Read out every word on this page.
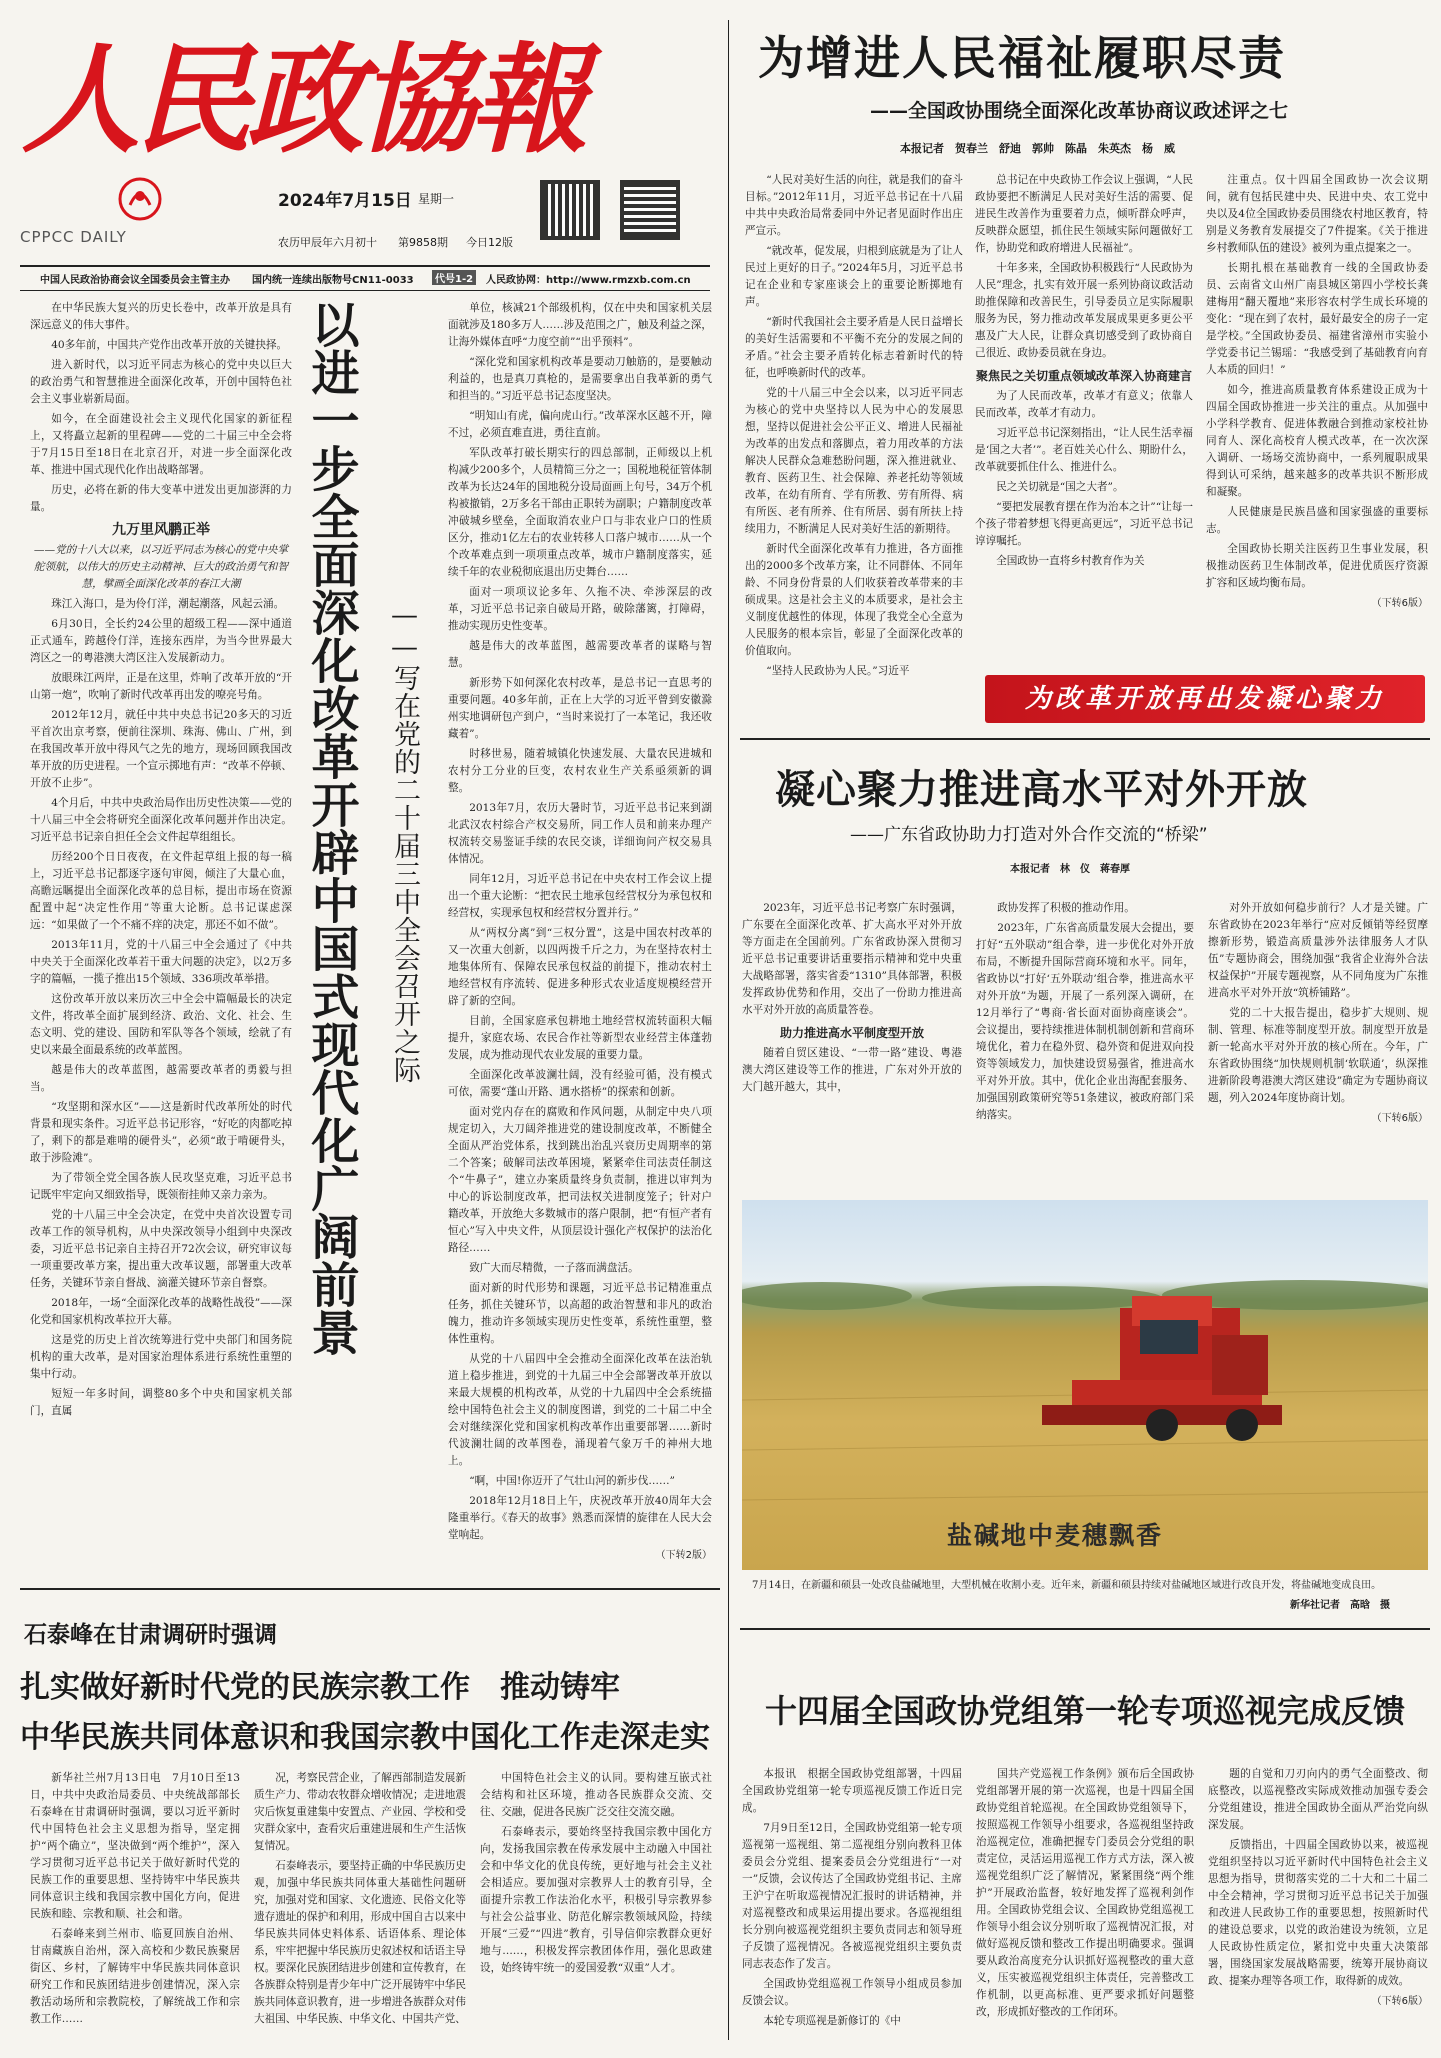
人民政協報
CPPCC DAILY
2024年7月15日 星期一
农历甲辰年六月初十 第9858期 今日12版
中国人民政治协商会议全国委员会主管主办 国内统一连续出版物号CN11-0033	代号1-2	人民政协网：http://www.rmzxb.com.cn
以进一步全面深化改革开辟中国式现代化广阔前景 ——写在党的二十届三中全会召开之际

在中华民族大复兴的历史长卷中，改革开放是具有深远意义的伟大事件。

40多年前，中国共产党作出改革开放的关键抉择。

进入新时代，以习近平同志为核心的党中央以巨大的政治勇气和智慧推进全面深化改革，开创中国特色社会主义事业崭新局面。

如今，在全面建设社会主义现代化国家的新征程上，又将矗立起新的里程碑——党的二十届三中全会将于7月15日至18日在北京召开，对进一步全面深化改革、推进中国式现代化作出战略部署。

历史，必将在新的伟大变革中迸发出更加澎湃的力量。

九万里风鹏正举

——党的十八大以来，以习近平同志为核心的党中央掌舵领航，以伟大的历史主动精神、巨大的政治勇气和智慧，擘画全面深化改革的春江大潮

珠江入海口，是为伶仃洋，潮起潮落，风起云涌。

6月30日，全长约24公里的超级工程——深中通道正式通车，跨越伶仃洋，连接东西岸，为当今世界最大湾区之一的粤港澳大湾区注入发展新动力。

放眼珠江两岸，正是在这里，炸响了改革开放的“开山第一炮”，吹响了新时代改革再出发的嘹亮号角。

2012年12月，就任中共中央总书记20多天的习近平首次出京考察，便前往深圳、珠海、佛山、广州，到在我国改革开放中得风气之先的地方，现场回顾我国改革开放的历史进程。一个宣示掷地有声：“改革不停顿、开放不止步”。

4个月后，中共中央政治局作出历史性决策——党的十八届三中全会将研究全面深化改革问题并作出决定。习近平总书记亲自担任全会文件起草组组长。

历经200个日日夜夜，在文件起草组上报的每一稿上，习近平总书记都逐字逐句审阅，倾注了大量心血，高瞻远瞩提出全面深化改革的总目标，提出市场在资源配置中起“决定性作用”等重大论断。总书记谋虑深远：“如果做了一个不痛不痒的决定，那还不如不做”。

2013年11月，党的十八届三中全会通过了《中共中央关于全面深化改革若干重大问题的决定》，以2万多字的篇幅，一揽子推出15个领域、336项改革举措。

这份改革开放以来历次三中全会中篇幅最长的决定文件，将改革全面扩展到经济、政治、文化、社会、生态文明、党的建设、国防和军队等各个领域，绘就了有史以来最全面最系统的改革蓝图。

越是伟大的改革蓝图，越需要改革者的勇毅与担当。

“攻坚期和深水区”——这是新时代改革所处的时代背景和现实条件。习近平总书记形容，“好吃的肉都吃掉了，剩下的都是难啃的硬骨头”，必须“敢于啃硬骨头，敢于涉险滩”。

为了带领全党全国各族人民攻坚克难，习近平总书记既牢牢定向又细致指导，既领衔挂帅又亲力亲为。

党的十八届三中全会决定，在党中央首次设置专司改革工作的领导机构，从中央深改领导小组到中央深改委，习近平总书记亲自主持召开72次会议，研究审议每一项重要改革方案，提出重大改革议题，部署重大改革任务，关键环节亲自督战、滴灌关键环节亲自督察。

2018年，一场“全面深化改革的战略性战役”——深化党和国家机构改革拉开大幕。

这是党的历史上首次统筹进行党中央部门和国务院机构的重大改革，是对国家治理体系进行系统性重塑的集中行动。

短短一年多时间，调整80多个中央和国家机关部门，直属

单位，核减21个部级机构，仅在中央和国家机关层面就涉及180多万人……涉及范围之广，触及利益之深，让海外媒体直呼“力度空前”“出乎预料”。

“深化党和国家机构改革是要动刀触筋的，是要触动利益的，也是真刀真枪的，是需要拿出自我革新的勇气和担当的。”习近平总书记态度坚决。

“明知山有虎，偏向虎山行。”改革深水区越不开，障不过，必须直难直进，勇往直前。

军队改革打破长期实行的四总部制，正师级以上机构减少200多个，人员精简三分之一；国税地税征管体制改革为长达24年的国地税分设局面画上句号，34万个机构被撤销，2万多名干部由正职转为副职；户籍制度改革冲破城乡壁垒，全面取消农业户口与非农业户口的性质区分，推动1亿左右的农业转移人口落户城市……从一个个改革难点到一项项重点改革，城市户籍制度落实，延续千年的农业税彻底退出历史舞台……

面对一项项议论多年、久拖不决、牵涉深层的改革，习近平总书记亲自破局开路，破除藩篱，打障碍，推动实现历史性变革。

越是伟大的改革蓝图，越需要改革者的谋略与智慧。

新形势下如何深化农村改革，是总书记一直思考的重要问题。40多年前，正在上大学的习近平曾到安徽滁州实地调研包产到户，“当时来说打了一本笔记，我还收藏着”。

时移世易，随着城镇化快速发展、大量农民进城和农村分工分业的巨变，农村农业生产关系亟须新的调整。

2013年7月，农历大暑时节，习近平总书记来到湖北武汉农村综合产权交易所，同工作人员和前来办理产权流转交易鉴证手续的农民交谈，详细询问产权交易具体情况。

同年12月，习近平总书记在中央农村工作会议上提出一个重大论断：“把农民土地承包经营权分为承包权和经营权，实现承包权和经营权分置并行。”

从“两权分离”到“三权分置”，这是中国农村改革的又一次重大创新，以四两拨千斤之力，为在坚持农村土地集体所有、保障农民承包权益的前提下，推动农村土地经营权有序流转、促进多种形式农业适度规模经营开辟了新的空间。

目前，全国家庭承包耕地土地经营权流转面积大幅提升，家庭农场、农民合作社等新型农业经营主体蓬勃发展，成为推动现代农业发展的重要力量。

全面深化改革波澜壮阔，没有经验可循，没有模式可依，需要“蓬山开路、遇水搭桥”的探索和创新。

面对党内存在的腐败和作风问题，从制定中央八项规定切入，大刀阔斧推进党的建设制度改革，不断健全全面从严治党体系，找到跳出治乱兴衰历史周期率的第二个答案；破解司法改革困境，紧紧牵住司法责任制这个“牛鼻子”，建立办案质量终身负责制，推进以审判为中心的诉讼制度改革，把司法权关进制度笼子；针对户籍改革，开放绝大多数城市的落户限制，把“有恒产者有恒心”写入中央文件，从顶层设计强化产权保护的法治化路径……

致广大而尽精微，一子落而满盘活。

面对新的时代形势和课题，习近平总书记精准重点任务，抓住关键环节，以高超的政治智慧和非凡的政治魄力，推动许多领域实现历史性变革，系统性重塑，整体性重构。

从党的十八届四中全会推动全面深化改革在法治轨道上稳步推进，到党的十九届三中全会部署改革开放以来最大规模的机构改革，从党的十九届四中全会系统描绘中国特色社会主义的制度图谱，到党的二十届二中全会对继续深化党和国家机构改革作出重要部署……新时代波澜壮阔的改革图卷，涌现着气象万千的神州大地上。

“啊，中国!你迈开了气壮山河的新步伐……”

2018年12月18日上午，庆祝改革开放40周年大会隆重举行。《春天的故事》熟悉而深情的旋律在人民大会堂响起。

（下转2版）

为增进人民福祉履职尽责
——全国政协围绕全面深化改革协商议政述评之七
本报记者　贺春兰　舒迪　郭帅　陈晶　朱英杰　杨　威

“人民对美好生活的向往，就是我们的奋斗目标。”2012年11月，习近平总书记在十八届中共中央政治局常委同中外记者见面时作出庄严宣示。

“就改革，促发展，归根到底就是为了让人民过上更好的日子。”2024年5月，习近平总书记在企业和专家座谈会上的重要论断掷地有声。

“新时代我国社会主要矛盾是人民日益增长的美好生活需要和不平衡不充分的发展之间的矛盾。”社会主要矛盾转化标志着新时代的特征，也呼唤新时代的改革。

党的十八届三中全会以来，以习近平同志为核心的党中央坚持以人民为中心的发展思想，坚持以促进社会公平正义、增进人民福祉为改革的出发点和落脚点，着力用改革的方法解决人民群众急难愁盼问题，深入推进就业、教育、医药卫生、社会保障、养老托幼等领域改革，在幼有所育、学有所教、劳有所得、病有所医、老有所养、住有所居、弱有所扶上持续用力，不断满足人民对美好生活的新期待。

新时代全面深化改革有力推进，各方面推出的2000多个改革方案，让不同群体、不同年龄、不同身份背景的人们收获着改革带来的丰硕成果。这是社会主义的本质要求，是社会主义制度优越性的体现，体现了我党全心全意为人民服务的根本宗旨，彰显了全面深化改革的价值取向。

“坚持人民政协为人民。”习近平

总书记在中央政协工作会议上强调，“人民政协要把不断满足人民对美好生活的需要、促进民生改善作为重要着力点，倾听群众呼声，反映群众愿望，抓住民生领域实际问题做好工作，协助党和政府增进人民福祉”。

十年多来，全国政协积极践行“人民政协为人民”理念，扎实有效开展一系列协商议政活动助推保障和改善民生，引导委员立足实际履职服务为民，努力推动改革发展成果更多更公平惠及广大人民，让群众真切感受到了政协商自己很近、政协委员就在身边。

聚焦民之关切重点领域改革深入协商建言

为了人民而改革，改革才有意义；依靠人民而改革，改革才有动力。

习近平总书记深刻指出，“让人民生活幸福是‘国之大者’”。老百姓关心什么、期盼什么，改革就要抓住什么、推进什么。

民之关切就是“国之大者”。

“要把发展教育摆在作为治本之计”“让每一个孩子带着梦想飞得更高更远”，习近平总书记谆谆嘱托。

全国政协一直将乡村教育作为关

注重点。仅十四届全国政协一次会议期间，就有包括民建中央、民进中央、农工党中央以及4位全国政协委员围绕农村地区教育，特别是义务教育发展提交了7件提案。《关于推进乡村教师队伍的建设》被列为重点提案之一。

长期扎根在基础教育一线的全国政协委员、云南省文山州广南县城区第四小学校长龚建梅用“翻天覆地”来形容农村学生成长环境的变化：“现在到了农村，最好最安全的房子一定是学校。”全国政协委员、福建省漳州市实验小学党委书记兰锡瑶：“我感受到了基础教育向育人本质的回归！”

如今，推进高质量教育体系建设正成为十四届全国政协推进一步关注的重点。从加强中小学科学教育、促进体教融合到推动家校社协同育人、深化高校育人模式改革，在一次次深入调研、一场场交流协商中，一系列履职成果得到认可采纳，越来越多的改革共识不断形成和凝聚。

人民健康是民族昌盛和国家强盛的重要标志。

全国政协长期关注医药卫生事业发展，积极推动医药卫生体制改革，促进优质医疗资源扩容和区域均衡布局。

（下转6版）

为改革开放再出发凝心聚力
凝心聚力推进高水平对外开放
——广东省政协助力打造对外合作交流的“桥梁”
本报记者　林　仪　蒋春厚

2023年，习近平总书记考察广东时强调，广东要在全面深化改革、扩大高水平对外开放等方面走在全国前列。广东省政协深入贯彻习近平总书记重要讲话重要指示精神和党中央重大战略部署，落实省委“1310”具体部署，积极发挥政协优势和作用，交出了一份助力推进高水平对外开放的高质量答卷。

助力推进高水平制度型开放

随着自贸区建设、“一带一路”建设、粤港澳大湾区建设等工作的推进，广东对外开放的大门越开越大，其中，

政协发挥了积极的推动作用。

2023年，广东省高质量发展大会提出，要打好“五外联动”组合拳，进一步优化对外开放布局，不断提升国际营商环境和水平。同年，省政协以“打好‘五外联动’组合拳，推进高水平对外开放”为题，开展了一系列深入调研，在12月举行了“粤商·省长面对面协商座谈会”。会议提出，要持续推进体制机制创新和营商环境优化，着力在稳外贸、稳外资和促进双向投资等领域发力，加快建设贸易强省，推进高水平对外开放。其中，优化企业出海配套服务、加强国别政策研究等51条建议，被政府部门采纳落实。

对外开放如何稳步前行？人才是关键。广东省政协在2023年举行“应对反倾销等经贸摩擦新形势，锻造高质量涉外法律服务人才队伍”专题协商会，围绕加强“我省企业海外合法权益保护”开展专题视察，从不同角度为广东推进高水平对外开放“筑桥铺路”。

党的二十大报告提出，稳步扩大规则、规制、管理、标准等制度型开放。制度型开放是新一轮高水平对外开放的核心所在。今年，广东省政协围绕“加快规则机制‘软联通’，纵深推进新阶段粤港澳大湾区建设”确定为专题协商议题，列入2024年度协商计划。

（下转6版）

盐碱地中麦穗飘香
7月14日，在新疆和硕县一处改良盐碱地里，大型机械在收割小麦。近年来，新疆和硕县持续对盐碱地区域进行改良开发，将盐碱地变成良田。
新华社记者　高晗　摄
十四届全国政协党组第一轮专项巡视完成反馈

本报讯　根据全国政协党组部署，十四届全国政协党组第一轮专项巡视反馈工作近日完成。

7月9日至12日，全国政协党组第一轮专项巡视第一巡视组、第二巡视组分别向教科卫体委员会分党组、提案委员会分党组进行“一对一”反馈，会议传达了全国政协党组书记、主席王沪宁在听取巡视情况汇报时的讲话精神，并对巡视整改和成果运用提出要求。各巡视组组长分别向被巡视党组织主要负责同志和领导班子反馈了巡视情况。各被巡视党组织主要负责同志表态作了发言。

全国政协党组巡视工作领导小组成员参加反馈会议。

本轮专项巡视是新修订的《中

国共产党巡视工作条例》颁布后全国政协党组部署开展的第一次巡视，也是十四届全国政协党组首轮巡视。在全国政协党组领导下，按照巡视工作领导小组要求，各巡视组坚持政治巡视定位，准确把握专门委员会分党组的职责定位，灵活运用巡视工作方式方法，深入被巡视党组织广泛了解情况，紧紧围绕“两个维护”开展政治监督，较好地发挥了巡视利剑作用。全国政协党组会议、全国政协党组巡视工作领导小组会议分别听取了巡视情况汇报，对做好巡视反馈和整改工作提出明确要求。强调要从政治高度充分认识抓好巡视整改的重大意义，压实被巡视党组织主体责任，完善整改工作机制，以更高标准、更严要求抓好问题整改，形成抓好整改的工作闭环。

题的自觉和刀刃向内的勇气全面整改、彻底整改，以巡视整改实际成效推动加强专委会分党组建设，推进全国政协全面从严治党向纵深发展。

反馈指出，十四届全国政协以来，被巡视党组织坚持以习近平新时代中国特色社会主义思想为指导，贯彻落实党的二十大和二十届二中全会精神，学习贯彻习近平总书记关于加强和改进人民政协工作的重要思想，按照新时代的建设总要求，以党的政治建设为统领，立足人民政协性质定位，紧扣党中央重大决策部署，围绕国家发展战略需要，统筹开展协商议政、提案办理等各项工作，取得新的成效。

（下转6版）

石泰峰在甘肃调研时强调
扎实做好新时代党的民族宗教工作　推动铸牢
中华民族共同体意识和我国宗教中国化工作走深走实

新华社兰州7月13日电　7月10日至13日，中共中央政治局委员、中央统战部部长石泰峰在甘肃调研时强调，要以习近平新时代中国特色社会主义思想为指导，坚定拥护“两个确立”，坚决做到“两个维护”，深入学习贯彻习近平总书记关于做好新时代党的民族工作的重要思想、坚持铸牢中华民族共同体意识主线和我国宗教中国化方向，促进民族和睦、宗教和顺、社会和谐。

石泰峰来到兰州市、临夏回族自治州、甘南藏族自治州，深入高校和少数民族聚居街区、乡村，了解铸牢中华民族共同体意识研究工作和民族团结进步创建情况，深入宗教活动场所和宗教院校，了解统战工作和宗教工作……

况，考察民营企业，了解西部制造发展新质生产力、带动农牧群众增收情况；走进地震灾后恢复重建集中安置点、产业园、学校和受灾群众家中，查看灾后重建进展和生产生活恢复情况。

石泰峰表示，要坚持正确的中华民族历史观，加强中华民族共同体重大基础性问题研究，加强对党和国家、文化遗迹、民俗文化等遗存遗址的保护和利用，形成中国自古以来中华民族共同体史料体系、话语体系、理论体系，牢牢把握中华民族历史叙述权和话语主导权。要深化民族团结进步创建和宣传教育，在各族群众特别是青少年中广泛开展铸牢中华民族共同体意识教育，进一步增进各族群众对伟大祖国、中华民族、中华文化、中国共产党、

中国特色社会主义的认同。要构建互嵌式社会结构和社区环境，推动各民族群众交流、交往、交融，促进各民族广泛交往交流交融。

石泰峰表示，要始终坚持我国宗教中国化方向，发扬我国宗教在传承发展中主动融入中国社会和中华文化的优良传统，更好地与社会主义社会相适应。要加强对宗教界人士的教育引导，全面提升宗教工作法治化水平，积极引导宗教界参与社会公益事业、防范化解宗教领域风险，持续开展“三爱”“四进”教育，引导信仰宗教群众更好地与……，积极发挥宗教团体作用，强化思政建设，始终铸牢统一的爱国爱教“双重”人才。
